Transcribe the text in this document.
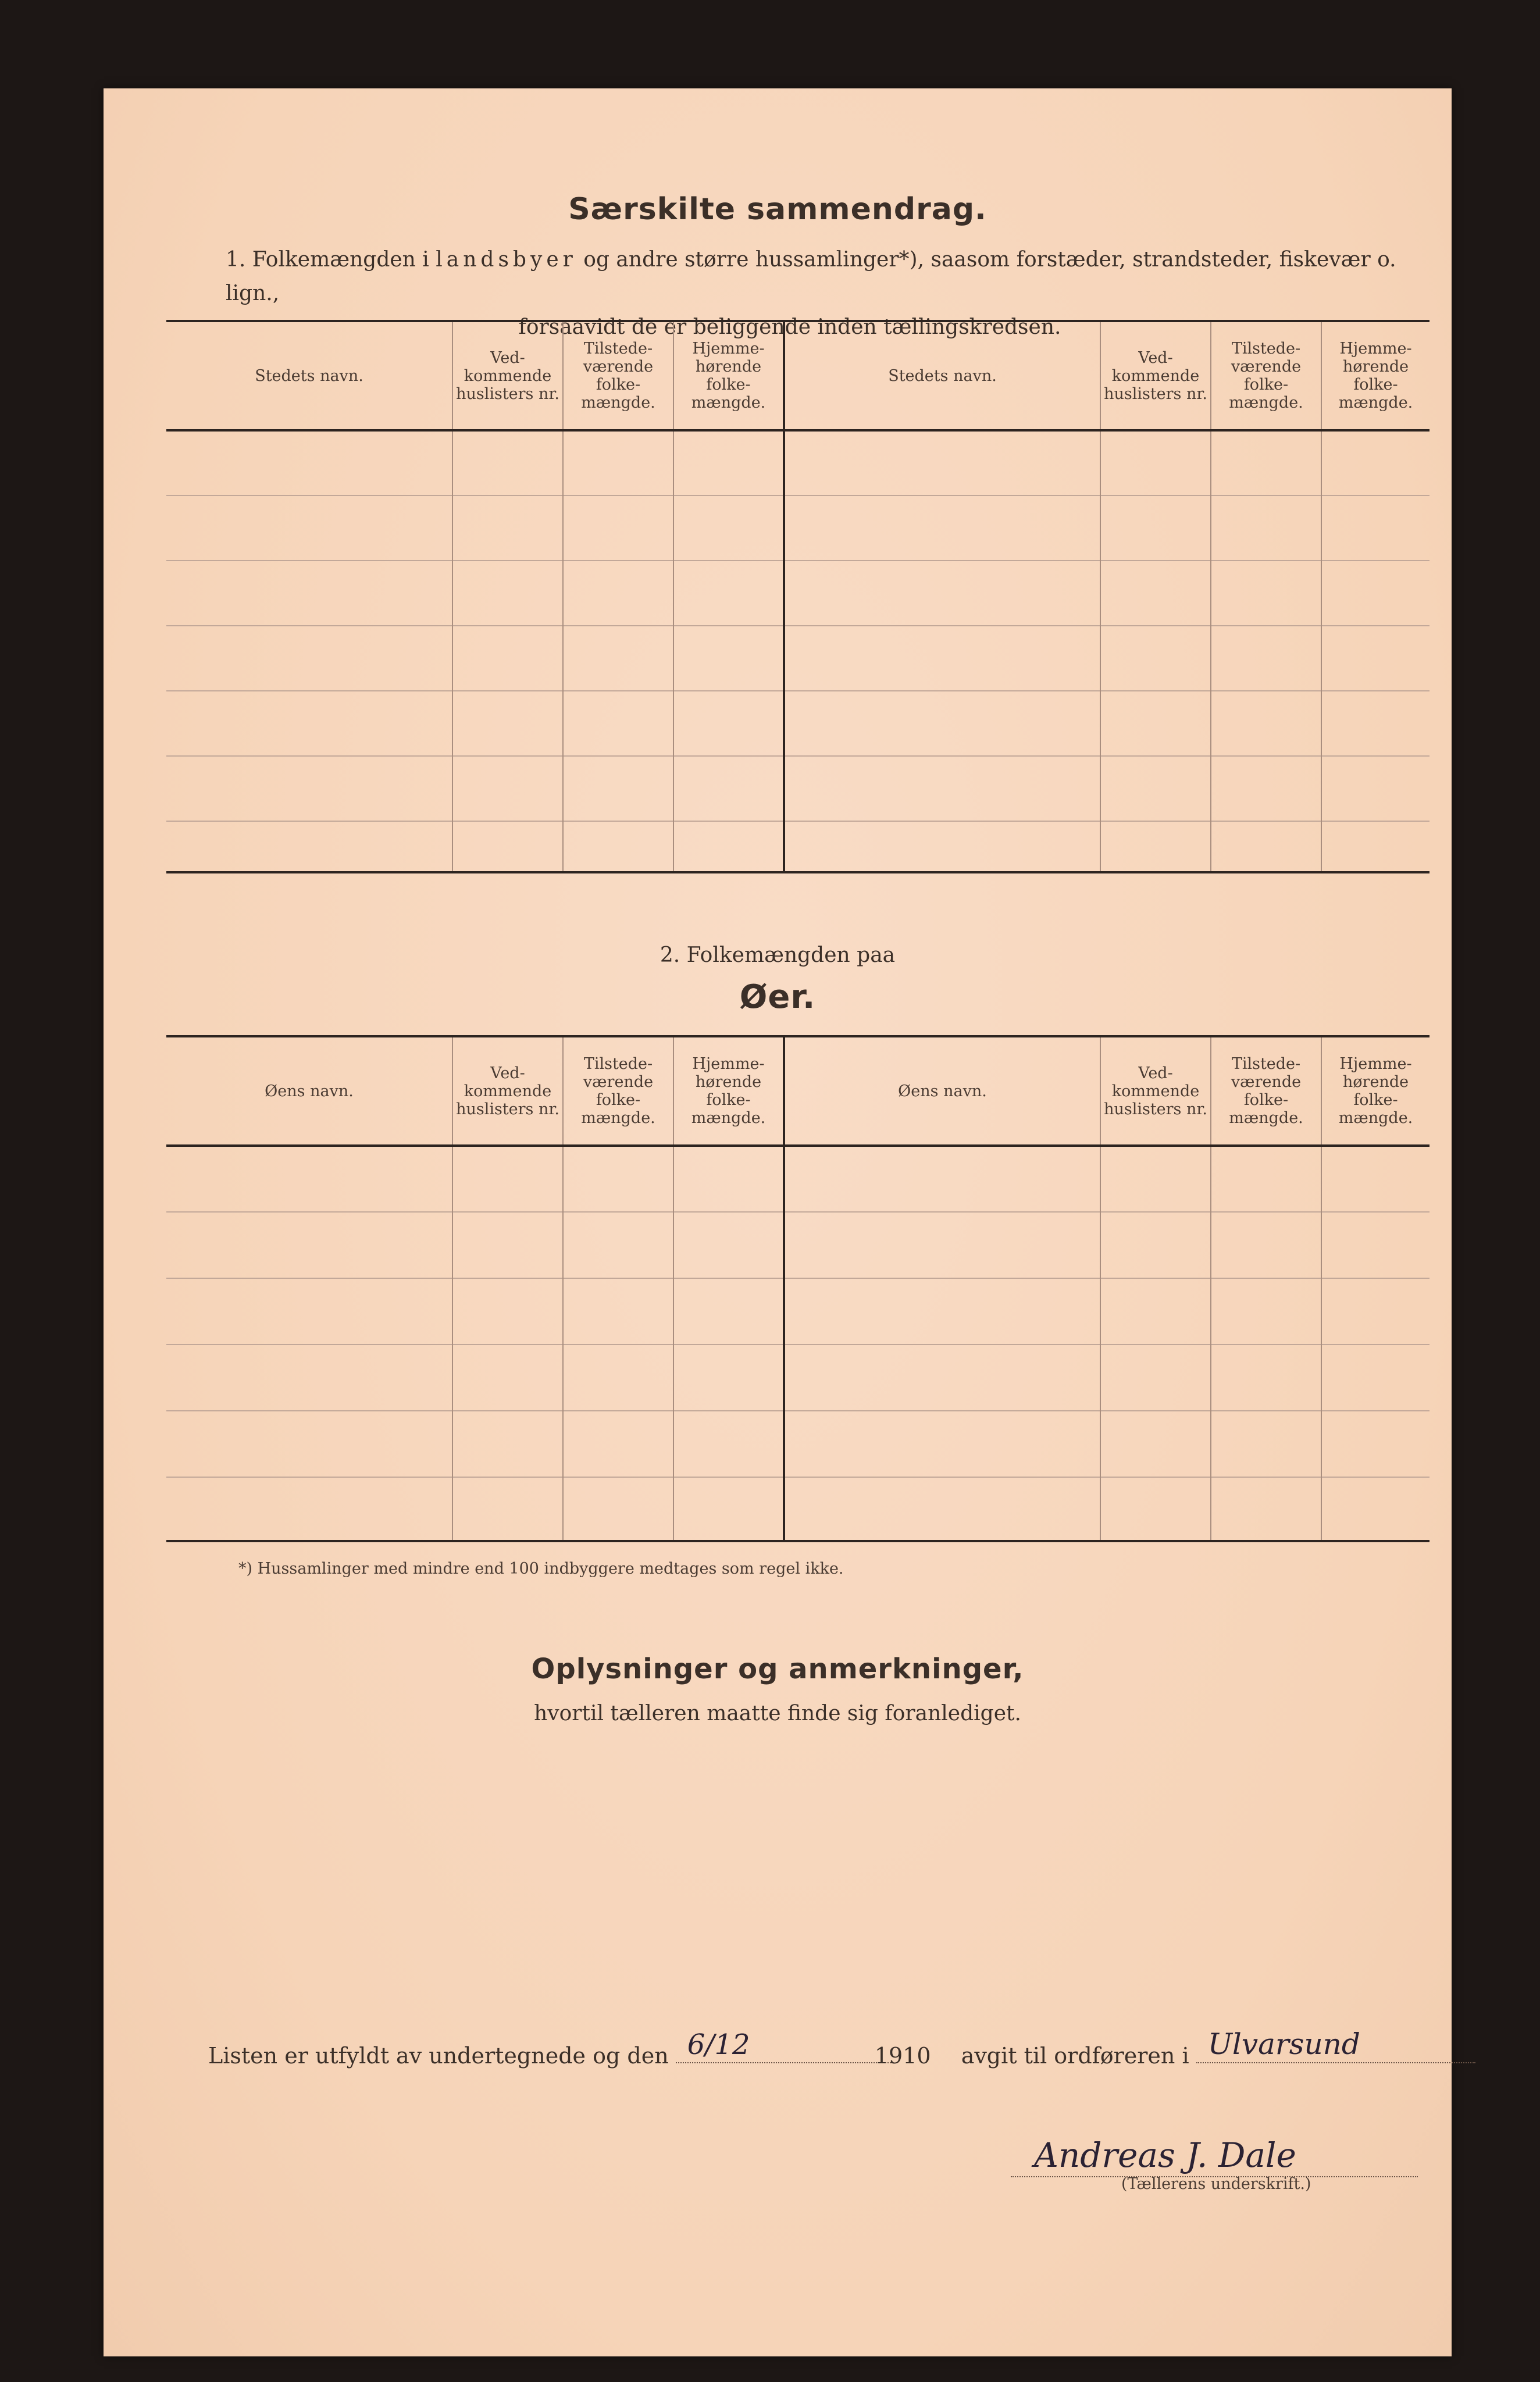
Særskilte sammendrag.
1. Folkemængden i landsbyer og andre større hussamlinger*), saasom forstæder, strandsteder, fiskevær o. lign.,
forsaavidt de er beliggende inden tællingskredsen.
Stedets navn.	Ved-kommende huslisters nr.	Tilstede-værende folke-mængde.	Hjemme-hørende folke-mængde.	Stedets navn.	Ved-kommende huslisters nr.	Tilstede-værende folke-mængde.	Hjemme-hørende folke-mængde.

2. Folkemængden paa
Øer.
Øens navn.	Ved-kommende huslisters nr.	Tilstede-værende folke-mængde.	Hjemme-hørende folke-mængde.	Øens navn.	Ved-kommende huslisters nr.	Tilstede-værende folke-mængde.	Hjemme-hørende folke-mængde.

*) Hussamlinger med mindre end 100 indbyggere medtages som regel ikke.
Oplysninger og anmerkninger,
hvortil tælleren maatte finde sig foranlediget.
Listen er utfyldt av undertegnede og den 6/12	1910 avgit til ordføreren i Ulvarsund
Andreas J. Dale
(Tællerens underskrift.)
